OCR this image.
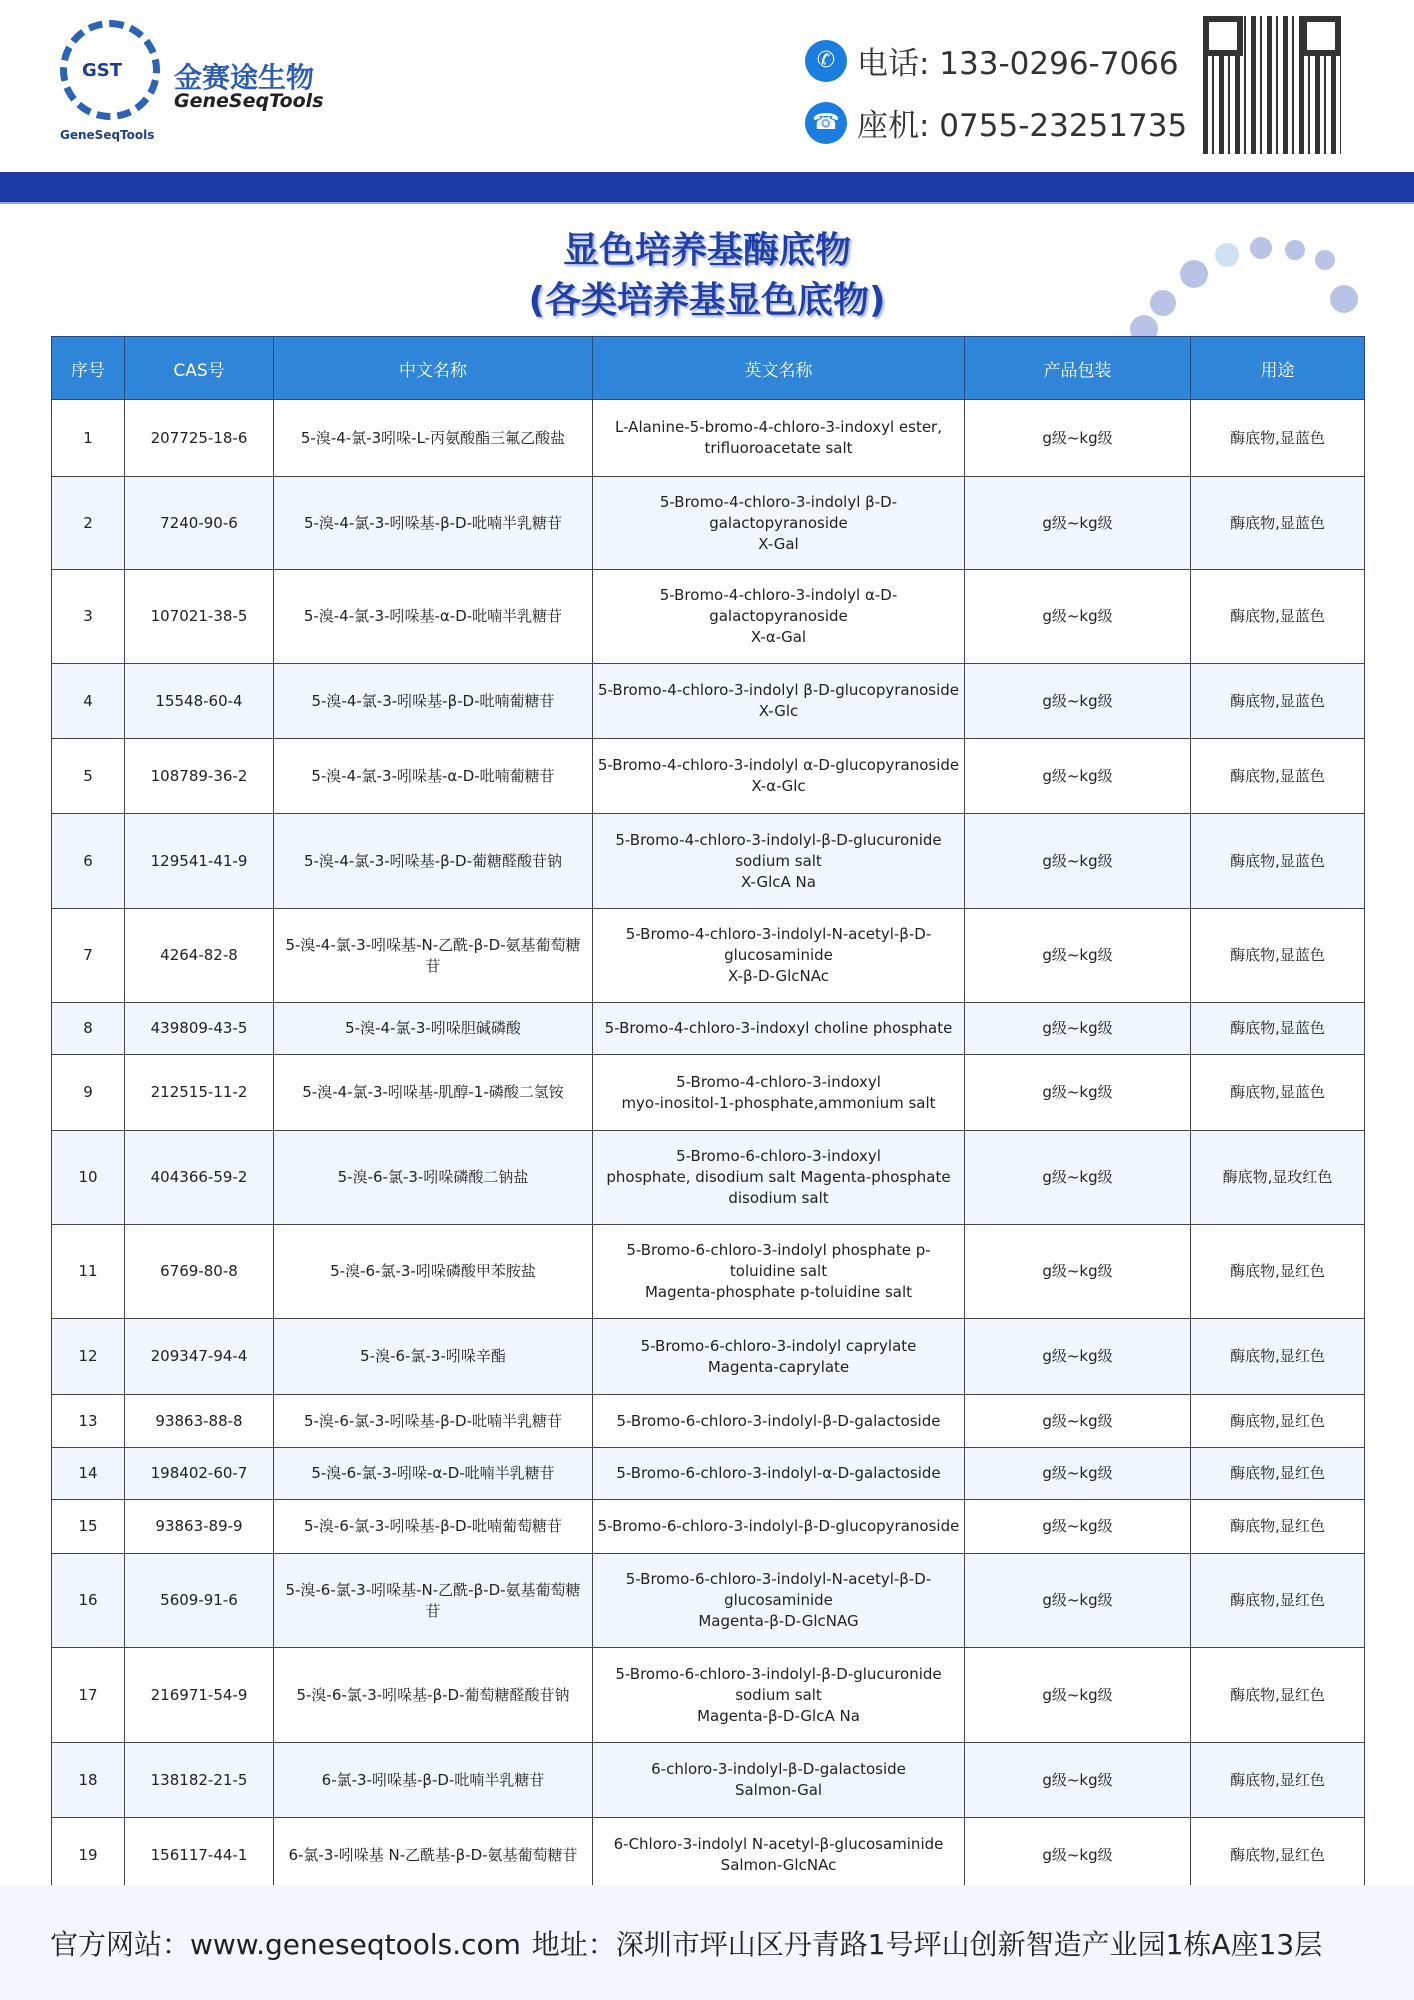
GST 金赛途生物
GeneSeqTools
GeneSeqTools
✆ 电话: 133-0296-7066
☎ 座机: 0755-23251735
显色培养基酶底物
(各类培养基显色底物)
序号	CAS号	中文名称	英文名称	产品包装	用途
1	207725-18-6	5-溴-4-氯-3吲哚-L-丙氨酸酯三氟乙酸盐	L-Alanine-5-bromo-4-chloro-3-indoxyl ester,
trifluoroacetate salt	g级~kg级	酶底物,显蓝色
2	7240-90-6	5-溴-4-氯-3-吲哚基-β-D-吡喃半乳糖苷	5-Bromo-4-chloro-3-indolyl β-D-
galactopyranoside
X-Gal	g级~kg级	酶底物,显蓝色
3	107021-38-5	5-溴-4-氯-3-吲哚基-α-D-吡喃半乳糖苷	5-Bromo-4-chloro-3-indolyl α-D-
galactopyranoside
X-α-Gal	g级~kg级	酶底物,显蓝色
4	15548-60-4	5-溴-4-氯-3-吲哚基-β-D-吡喃葡糖苷	5-Bromo-4-chloro-3-indolyl β-D-glucopyranoside
X-Glc	g级~kg级	酶底物,显蓝色
5	108789-36-2	5-溴-4-氯-3-吲哚基-α-D-吡喃葡糖苷	5-Bromo-4-chloro-3-indolyl α-D-glucopyranoside
X-α-Glc	g级~kg级	酶底物,显蓝色
6	129541-41-9	5-溴-4-氯-3-吲哚基-β-D-葡糖醛酸苷钠	5-Bromo-4-chloro-3-indolyl-β-D-glucuronide
sodium salt
X-GlcA Na	g级~kg级	酶底物,显蓝色
7	4264-82-8	5-溴-4-氯-3-吲哚基-N-乙酰-β-D-氨基葡萄糖苷	5-Bromo-4-chloro-3-indolyl-N-acetyl-β-D-
glucosaminide
X-β-D-GlcNAc	g级~kg级	酶底物,显蓝色
8	439809-43-5	5-溴-4-氯-3-吲哚胆碱磷酸	5-Bromo-4-chloro-3-indoxyl choline phosphate	g级~kg级	酶底物,显蓝色
9	212515-11-2	5-溴-4-氯-3-吲哚基-肌醇-1-磷酸二氢铵	5-Bromo-4-chloro-3-indoxyl
myo-inositol-1-phosphate,ammonium salt	g级~kg级	酶底物,显蓝色
10	404366-59-2	5-溴-6-氯-3-吲哚磷酸二钠盐	5-Bromo-6-chloro-3-indoxyl
phosphate, disodium salt Magenta-phosphate
disodium salt	g级~kg级	酶底物,显玫红色
11	6769-80-8	5-溴-6-氯-3-吲哚磷酸甲苯胺盐	5-Bromo-6-chloro-3-indolyl phosphate p-
toluidine salt
Magenta-phosphate p-toluidine salt	g级~kg级	酶底物,显红色
12	209347-94-4	5-溴-6-氯-3-吲哚辛酯	5-Bromo-6-chloro-3-indolyl caprylate
Magenta-caprylate	g级~kg级	酶底物,显红色
13	93863-88-8	5-溴-6-氯-3-吲哚基-β-D-吡喃半乳糖苷	5-Bromo-6-chloro-3-indolyl-β-D-galactoside	g级~kg级	酶底物,显红色
14	198402-60-7	5-溴-6-氯-3-吲哚-α-D-吡喃半乳糖苷	5-Bromo-6-chloro-3-indolyl-α-D-galactoside	g级~kg级	酶底物,显红色
15	93863-89-9	5-溴-6-氯-3-吲哚基-β-D-吡喃葡萄糖苷	5-Bromo-6-chloro-3-indolyl-β-D-glucopyranoside	g级~kg级	酶底物,显红色
16	5609-91-6	5-溴-6-氯-3-吲哚基-N-乙酰-β-D-氨基葡萄糖苷	5-Bromo-6-chloro-3-indolyl-N-acetyl-β-D-
glucosaminide
Magenta-β-D-GlcNAG	g级~kg级	酶底物,显红色
17	216971-54-9	5-溴-6-氯-3-吲哚基-β-D-葡萄糖醛酸苷钠	5-Bromo-6-chloro-3-indolyl-β-D-glucuronide
sodium salt
Magenta-β-D-GlcA Na	g级~kg级	酶底物,显红色
18	138182-21-5	6-氯-3-吲哚基-β-D-吡喃半乳糖苷	6-chloro-3-indolyl-β-D-galactoside
Salmon-Gal	g级~kg级	酶底物,显红色
19	156117-44-1	6-氯-3-吲哚基 N-乙酰基-β-D-氨基葡萄糖苷	6-Chloro-3-indolyl N-acetyl-β-glucosaminide
Salmon-GlcNAc	g级~kg级	酶底物,显红色
官方网站：www.geneseqtools.com 地址：深圳市坪山区丹青路1号坪山创新智造产业园1栋A座13层
